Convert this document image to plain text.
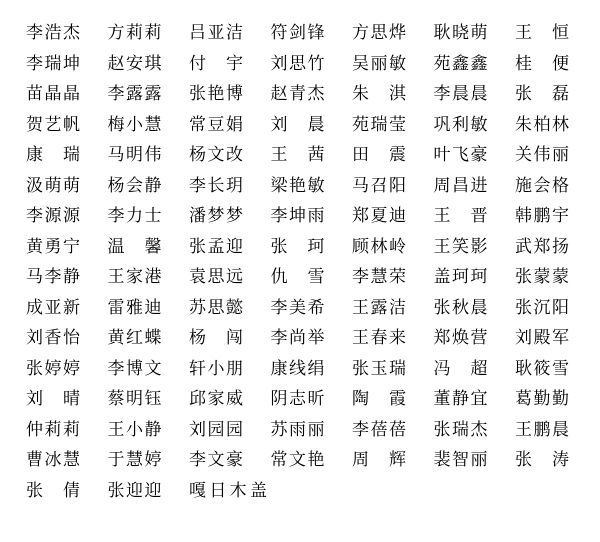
李浩杰 方莉莉 吕亚洁 符剑锋 方思烨 耿晓萌 王 恒
李瑞坤 赵安琪 付 宇 刘思竹 吴丽敏 苑鑫鑫 桂 便
苗晶晶 李露露 张艳博 赵青杰 朱 淇 李晨晨 张 磊
贺艺帆 梅小慧 常豆娟 刘 晨 苑瑞莹 巩利敏 朱柏林
康 瑞 马明伟 杨文改 王 茜 田 震 叶飞豪 关伟丽
汲萌萌 杨会静 李长玥 梁艳敏 马召阳 周昌进 施会格
李源源 李力士 潘梦梦 李坤雨 郑夏迪 王 晋 韩鹏宇
黄勇宁 温 馨 张孟迎 张 珂 顾林岭 王笑影 武郑扬
马李静 王家港 袁思远 仇 雪 李慧荣 盖珂珂 张蒙蒙
成亚新 雷雅迪 苏思懿 李美希 王露洁 张秋晨 张沉阳
刘香怡 黄红蝶 杨 闯 李尚举 王春来 郑焕营 刘殿军
张婷婷 李博文 轩小朋 康线绢 张玉瑞 冯 超 耿筱雪
刘 晴 蔡明钰 邱家威 阴志昕 陶 霞 董静宜 葛勤勤
仲莉莉 王小静 刘园园 苏雨丽 李蓓蓓 张瑞杰 王鹏晨
曹冰慧 于慧婷 李文豪 常文艳 周 辉 裴智丽 张 涛
张 倩 张迎迎 嘎日木盖
